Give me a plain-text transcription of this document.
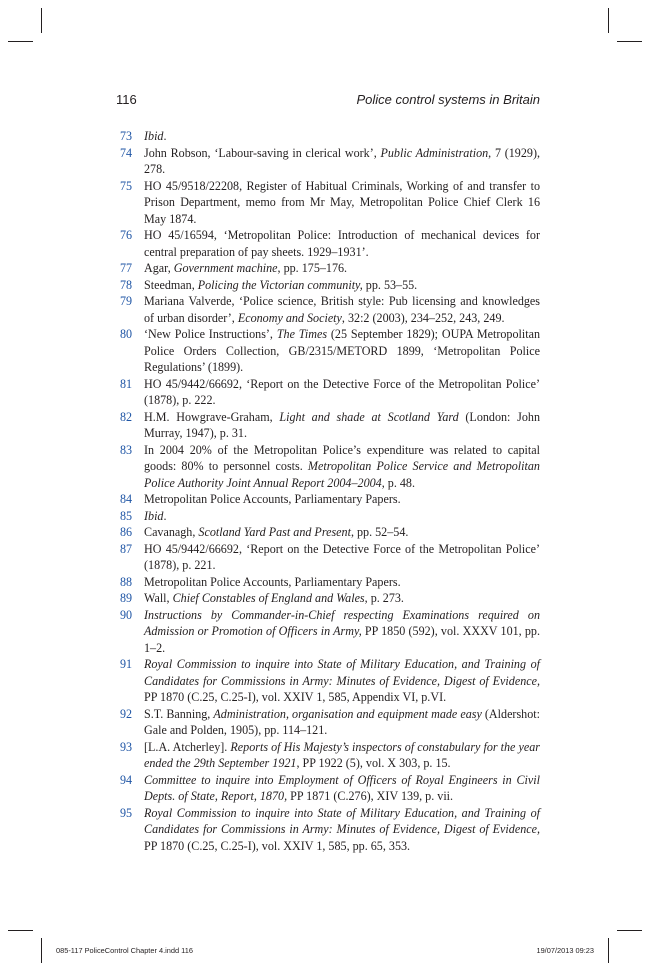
116	Police control systems in Britain
73 Ibid.
74 John Robson, ‘Labour-saving in clerical work’, Public Administration, 7 (1929), 278.
75 HO 45/9518/22208, Register of Habitual Criminals, Working of and transfer to Prison Department, memo from Mr May, Metropolitan Police Chief Clerk 16 May 1874.
76 HO 45/16594, ‘Metropolitan Police: Introduction of mechanical devices for central preparation of pay sheets. 1929–1931’.
77 Agar, Government machine, pp. 175–176.
78 Steedman, Policing the Victorian community, pp. 53–55.
79 Mariana Valverde, ‘Police science, British style: Pub licensing and knowledges of urban disorder’, Economy and Society, 32:2 (2003), 234–252, 243, 249.
80 ‘New Police Instructions’, The Times (25 September 1829); OUPA Metropolitan Police Orders Collection, GB/2315/METORD 1899, ‘Metropolitan Police Regulations’ (1899).
81 HO 45/9442/66692, ‘Report on the Detective Force of the Metropolitan Police’ (1878), p. 222.
82 H.M. Howgrave-Graham, Light and shade at Scotland Yard (London: John Murray, 1947), p. 31.
83 In 2004 20% of the Metropolitan Police’s expenditure was related to capital goods: 80% to personnel costs. Metropolitan Police Service and Metropolitan Police Authority Joint Annual Report 2004–2004, p. 48.
84 Metropolitan Police Accounts, Parliamentary Papers.
85 Ibid.
86 Cavanagh, Scotland Yard Past and Present, pp. 52–54.
87 HO 45/9442/66692, ‘Report on the Detective Force of the Metropolitan Police’ (1878), p. 221.
88 Metropolitan Police Accounts, Parliamentary Papers.
89 Wall, Chief Constables of England and Wales, p. 273.
90 Instructions by Commander-in-Chief respecting Examinations required on Admission or Promotion of Officers in Army, PP 1850 (592), vol. XXXV 101, pp. 1–2.
91 Royal Commission to inquire into State of Military Education, and Training of Candidates for Commissions in Army: Minutes of Evidence, Digest of Evidence, PP 1870 (C.25, C.25-I), vol. XXIV 1, 585, Appendix VI, p.VI.
92 S.T. Banning, Administration, organisation and equipment made easy (Aldershot: Gale and Polden, 1905), pp. 114–121.
93 [L.A. Atcherley]. Reports of His Majesty’s inspectors of constabulary for the year ended the 29th September 1921, PP 1922 (5), vol. X 303, p. 15.
94 Committee to inquire into Employment of Officers of Royal Engineers in Civil Depts. of State, Report, 1870, PP 1871 (C.276), XIV 139, p. vii.
95 Royal Commission to inquire into State of Military Education, and Training of Candidates for Commissions in Army: Minutes of Evidence, Digest of Evidence, PP 1870 (C.25, C.25-I), vol. XXIV 1, 585, pp. 65, 353.
085-117 PoliceControl Chapter 4.indd 116	19/07/2013 09:23
